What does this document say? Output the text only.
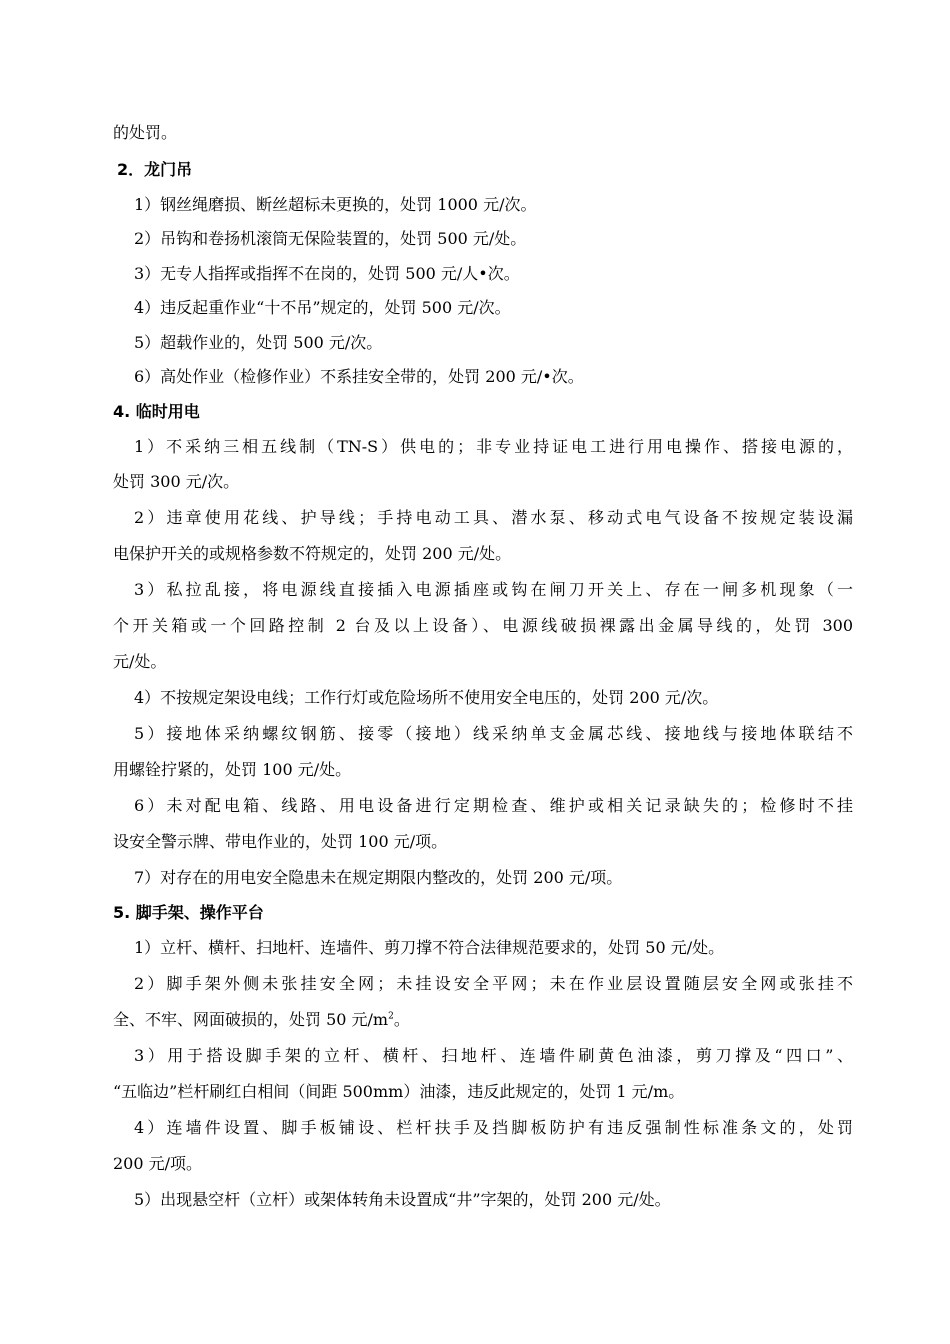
的处罚。
2．龙门吊
1）钢丝绳磨损、断丝超标未更换的，处罚 1000 元/次。
2）吊钩和卷扬机滚筒无保险装置的，处罚 500 元/处。
3）无专人指挥或指挥不在岗的，处罚 500 元/人•次。
4）违反起重作业“十不吊”规定的，处罚 500 元/次。
5）超载作业的，处罚 500 元/次。
6）高处作业（检修作业）不系挂安全带的，处罚 200 元/•次。
4. 临时用电
1）不采纳三相五线制（TN-S）供电的；非专业持证电工进行用电操作、搭接电源的，
处罚 300 元/次。
2）违章使用花线、护导线；手持电动工具、潜水泵、移动式电气设备不按规定装设漏
电保护开关的或规格参数不符规定的，处罚 200 元/处。
3）私拉乱接，将电源线直接插入电源插座或钩在闸刀开关上、存在一闸多机现象（一
个开关箱或一个回路控制 2 台及以上设备）、电源线破损裸露出金属导线的，处罚 300
元/处。
4）不按规定架设电线；工作行灯或危险场所不使用安全电压的，处罚 200 元/次。
5）接地体采纳螺纹钢筋、接零（接地）线采纳单支金属芯线、接地线与接地体联结不
用螺铨拧紧的，处罚 100 元/处。
6）未对配电箱、线路、用电设备进行定期检查、维护或相关记录缺失的；检修时不挂
设安全警示牌、带电作业的，处罚 100 元/项。
7）对存在的用电安全隐患未在规定期限内整改的，处罚 200 元/项。
5. 脚手架、操作平台
1）立杆、横杆、扫地杆、连墙件、剪刀撑不符合法律规范要求的，处罚 50 元/处。
2）脚手架外侧未张挂安全网；未挂设安全平网；未在作业层设置随层安全网或张挂不
全、不牢、网面破损的，处罚 50 元$/m^2$。
3）用于搭设脚手架的立杆、横杆、扫地杆、连墙件刷黄色油漆，剪刀撑及“四口”、
“五临边”栏杆刷红白相间（间距 500mm）油漆，违反此规定的，处罚 1 元/m。
4）连墙件设置、脚手板铺设、栏杆扶手及挡脚板防护有违反强制性标准条文的，处罚
200 元/项。
5）出现悬空杆（立杆）或架体转角未设置成“井”字架的，处罚 200 元/处。
